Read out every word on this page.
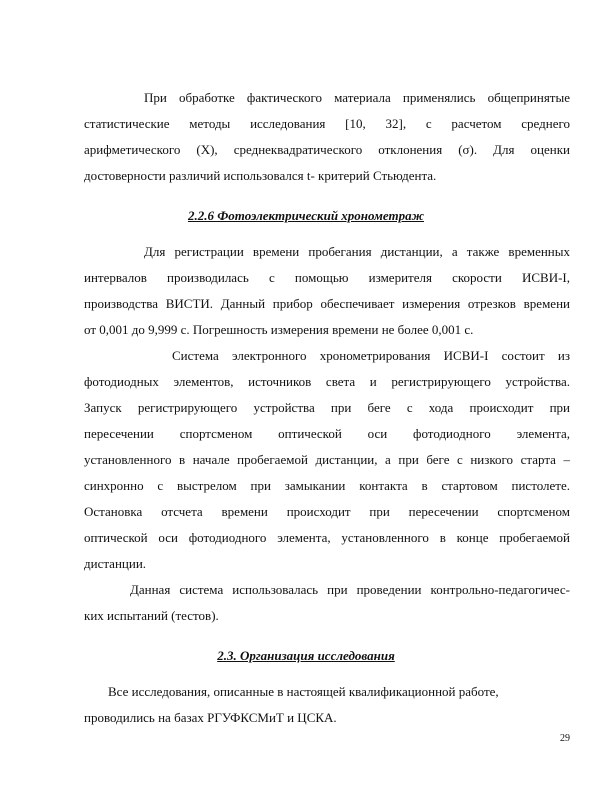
При обработке фактического материала применялись общепринятые
статистические методы исследования [10, 32], с расчетом среднего
арифметического (X), среднеквадратического отклонения (σ). Для оценки
достоверности различий использовался t- критерий Стьюдента.
2.2.6 Фотоэлектрический хронометраж
Для регистрации времени пробегания дистанции, а также временных
интервалов производилась с помощью измерителя скорости ИСВИ-I,
производства ВИСТИ. Данный прибор обеспечивает измерения отрезков времени
от 0,001 до 9,999 с. Погрешность измерения времени не более 0,001 с.
Система электронного хронометрирования ИСВИ-I состоит из
фотодиодных элементов, источников света и регистрирующего устройства.
Запуск регистрирующего устройства при беге с хода происходит при
пересечении спортсменом оптической оси фотодиодного элемента,
установленного в начале пробегаемой дистанции, а при беге с низкого старта –
синхронно с выстрелом при замыкании контакта в стартовом пистолете.
Остановка отсчета времени происходит при пересечении спортсменом
оптической оси фотодиодного элемента, установленного в конце пробегаемой
дистанции.
Данная система использовалась при проведении контрольно-педагогичес-
ких испытаний (тестов).
2.3. Организация исследования
Все исследования, описанные в настоящей квалификационной работе,
проводились на базах РГУФКСМиТ и ЦСКА.
29
